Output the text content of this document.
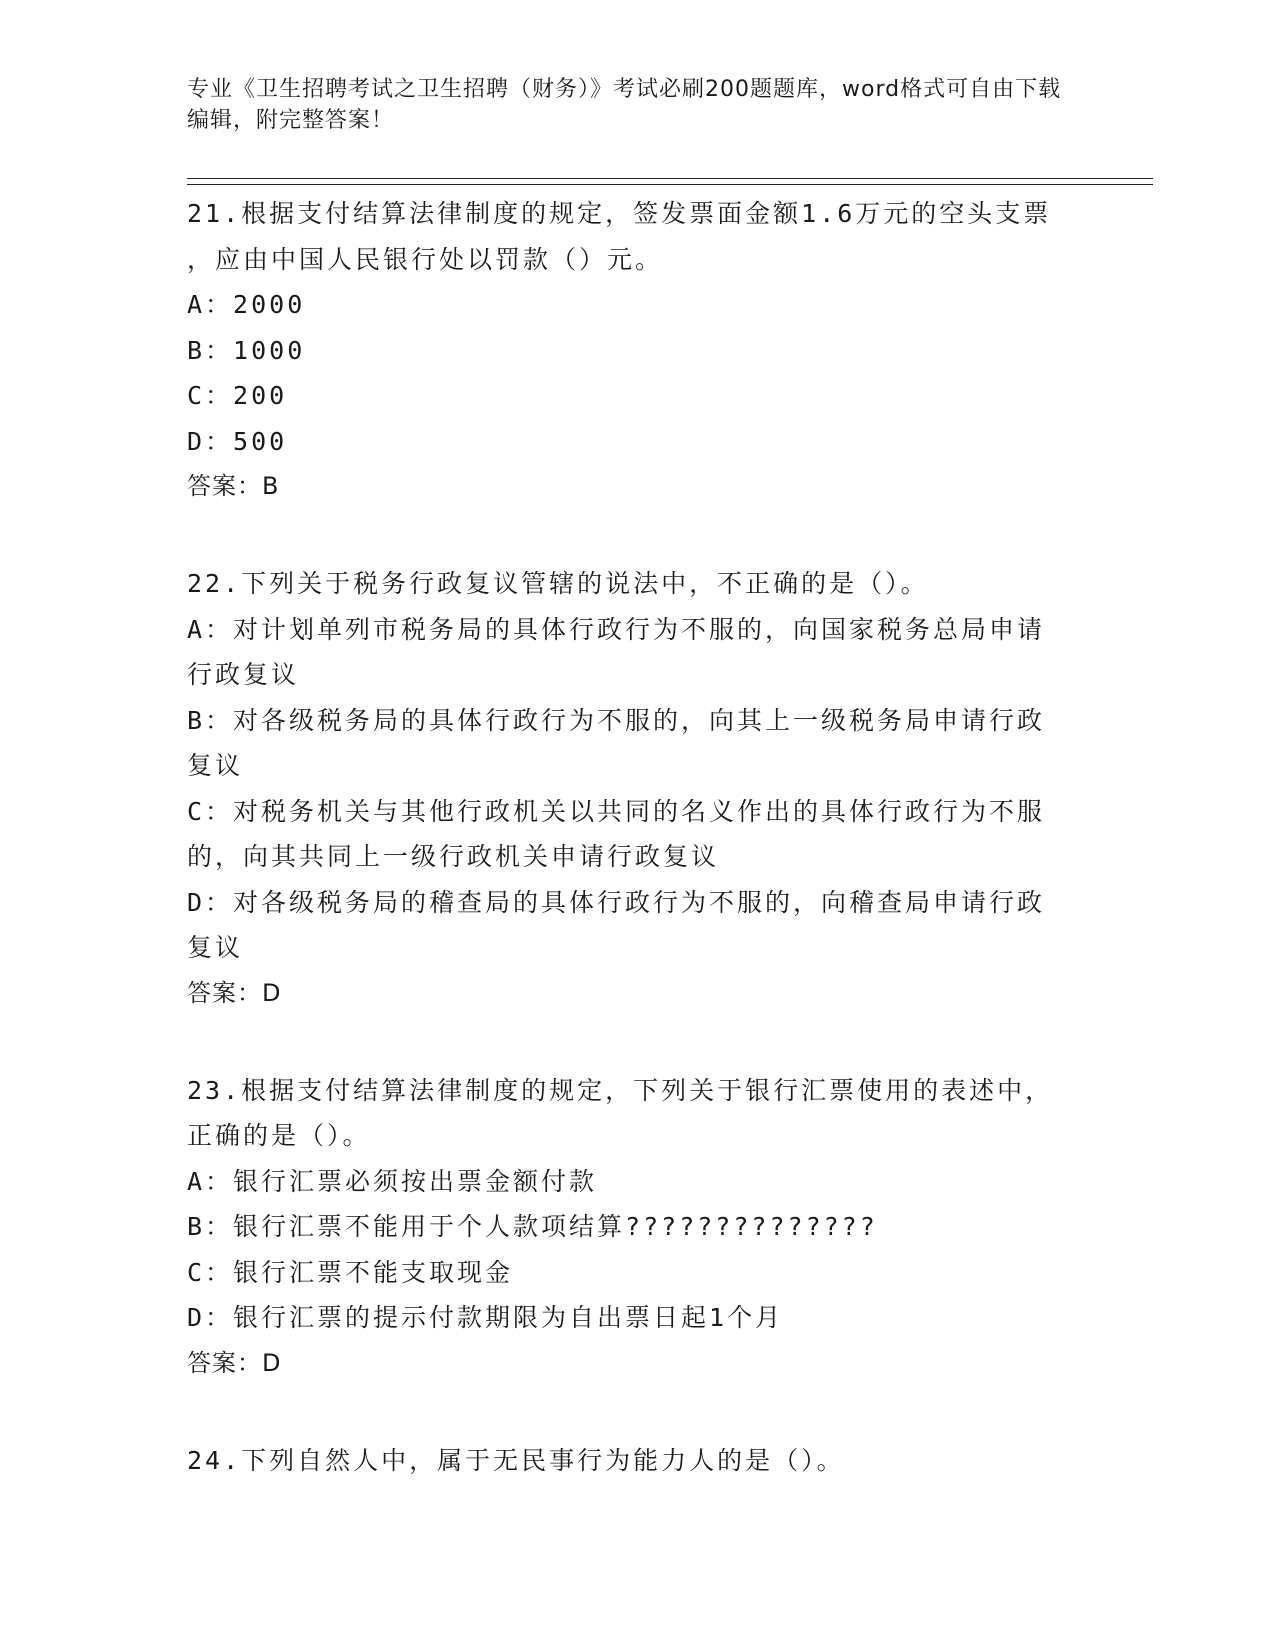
专业《卫生招聘考试之卫生招聘（财务）》考试必刷200题题库，word格式可自由下载编辑，附完整答案！
21.根据支付结算法律制度的规定，签发票面金额1.6万元的空头支票
，应由中国人民银行处以罚款（）元。
A：2000
B：1000
C：200
D：500
答案：B
22.下列关于税务行政复议管辖的说法中，不正确的是（）。
A：对计划单列市税务局的具体行政行为不服的，向国家税务总局申请
行政复议
B：对各级税务局的具体行政行为不服的，向其上一级税务局申请行政
复议
C：对税务机关与其他行政机关以共同的名义作出的具体行政行为不服
的，向其共同上一级行政机关申请行政复议
D：对各级税务局的稽查局的具体行政行为不服的，向稽查局申请行政
复议
答案：D
23.根据支付结算法律制度的规定，下列关于银行汇票使用的表述中，
正确的是（）。
A：银行汇票必须按出票金额付款
B：银行汇票不能用于个人款项结算??????????????
C：银行汇票不能支取现金
D：银行汇票的提示付款期限为自出票日起1个月
答案：D
24.下列自然人中，属于无民事行为能力人的是（）。
